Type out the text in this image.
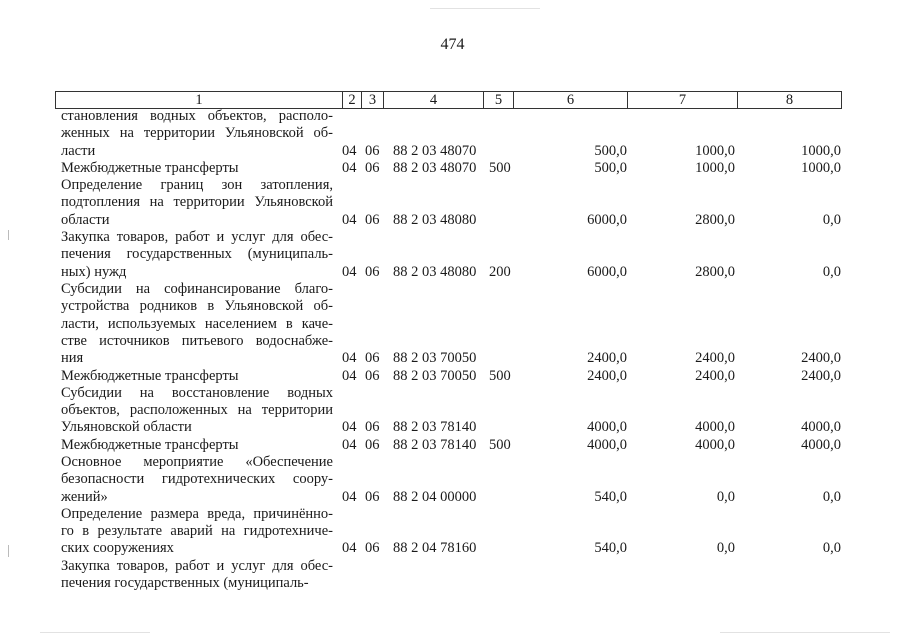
474
1	2 3	4	5	6	7	8
становления водных объектов, располо-
женных на территории Ульяновской об-
ласти	04 06 88 2 03 48070	500,0	1000,0	1000,0
Межбюджетные трансферты	04 06 88 2 03 48070 500	500,0	1000,0	1000,0
Определение границ зон затопления,
подтопления на территории Ульяновской
области	04 06 88 2 03 48080	6000,0	2800,0	0,0
Закупка товаров, работ и услуг для обес-
печения государственных (муниципаль-
ных) нужд	04 06 88 2 03 48080 200	6000,0	2800,0	0,0
Субсидии на софинансирование благо-
устройства родников в Ульяновской об-
ласти, используемых населением в каче-
стве источников питьевого водоснабже-
ния	04 06 88 2 03 70050	2400,0	2400,0	2400,0
Межбюджетные трансферты	04 06 88 2 03 70050 500	2400,0	2400,0	2400,0
Субсидии на восстановление водных
объектов, расположенных на территории
Ульяновской области	04 06 88 2 03 78140	4000,0	4000,0	4000,0
Межбюджетные трансферты	04 06 88 2 03 78140 500	4000,0	4000,0	4000,0
Основное мероприятие «Обеспечение
безопасности гидротехнических соору-
жений»	04 06 88 2 04 00000	540,0	0,0	0,0
Определение размера вреда, причинённо-
го в результате аварий на гидротехниче-
ских сооружениях	04 06 88 2 04 78160	540,0	0,0	0,0
Закупка товаров, работ и услуг для обес-
печения государственных (муниципаль-
